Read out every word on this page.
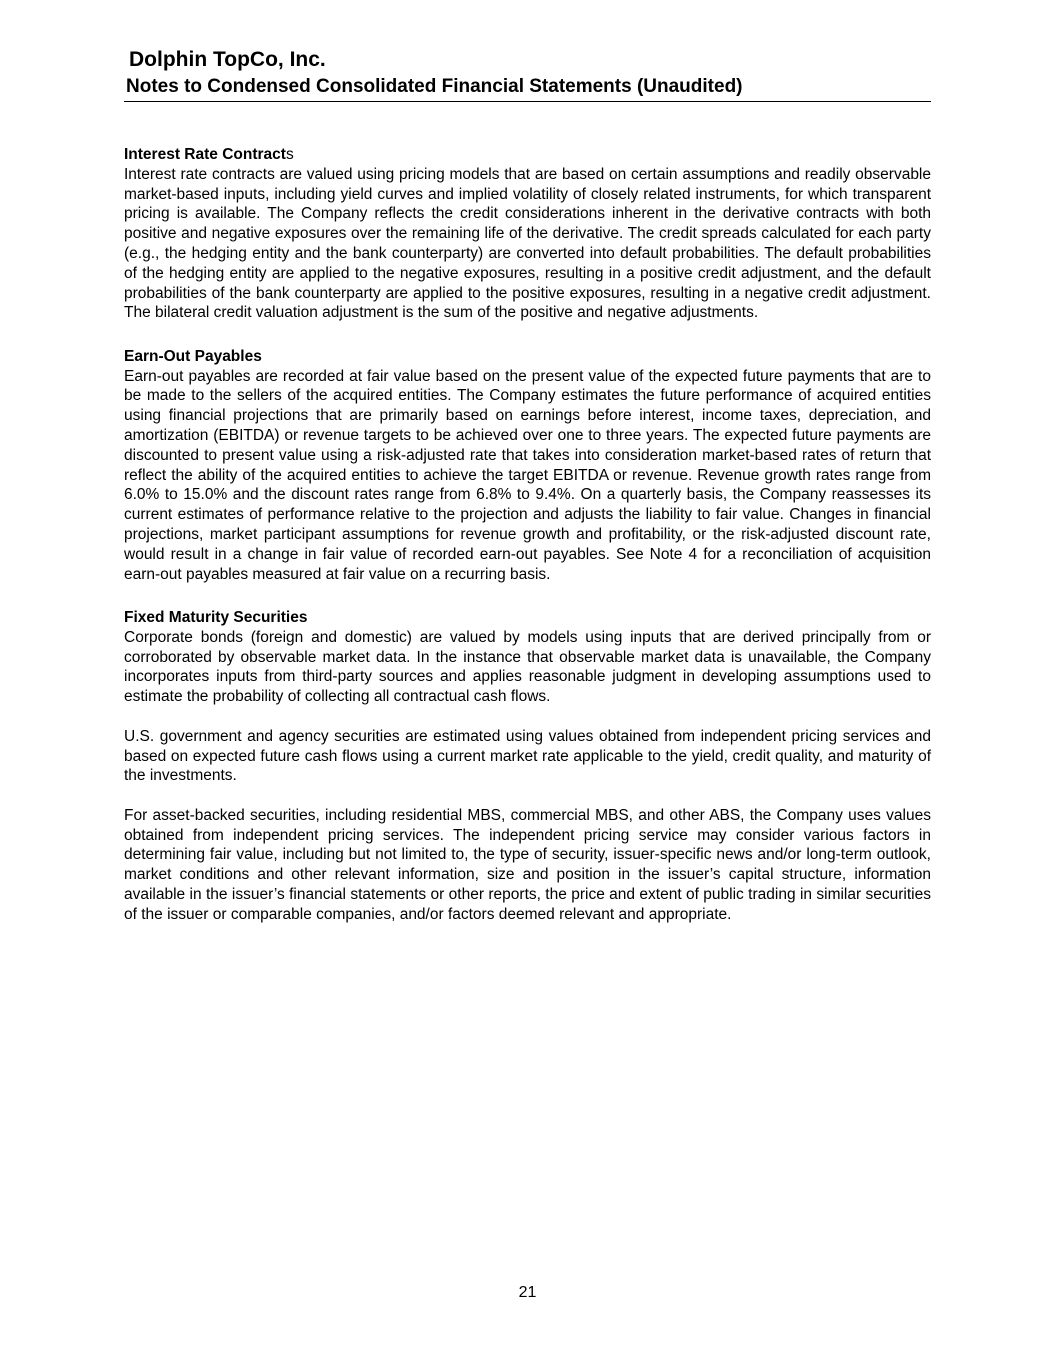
Dolphin TopCo, Inc.
Notes to Condensed Consolidated Financial Statements (Unaudited)

Interest Rate Contracts

Interest rate contracts are valued using pricing models that are based on certain assumptions and readily observable market-based inputs, including yield curves and implied volatility of closely related instruments, for which transparent pricing is available. The Company reflects the credit considerations inherent in the derivative contracts with both positive and negative exposures over the remaining life of the derivative. The credit spreads calculated for each party (e.g., the hedging entity and the bank counterparty) are converted into default probabilities. The default probabilities of the hedging entity are applied to the negative exposures, resulting in a positive credit adjustment, and the default probabilities of the bank counterparty are applied to the positive exposures, resulting in a negative credit adjustment. The bilateral credit valuation adjustment is the sum of the positive and negative adjustments.

Earn-Out Payables

Earn-out payables are recorded at fair value based on the present value of the expected future payments that are to be made to the sellers of the acquired entities. The Company estimates the future performance of acquired entities using financial projections that are primarily based on earnings before interest, income taxes, depreciation, and amortization (EBITDA) or revenue targets to be achieved over one to three years. The expected future payments are discounted to present value using a risk-adjusted rate that takes into consideration market-based rates of return that reflect the ability of the acquired entities to achieve the target EBITDA or revenue. Revenue growth rates range from 6.0% to 15.0% and the discount rates range from 6.8% to 9.4%. On a quarterly basis, the Company reassesses its current estimates of performance relative to the projection and adjusts the liability to fair value. Changes in financial projections, market participant assumptions for revenue growth and profitability, or the risk-adjusted discount rate, would result in a change in fair value of recorded earn-out payables. See Note 4 for a reconciliation of acquisition earn-out payables measured at fair value on a recurring basis.

Fixed Maturity Securities

Corporate bonds (foreign and domestic) are valued by models using inputs that are derived principally from or corroborated by observable market data. In the instance that observable market data is unavailable, the Company incorporates inputs from third-party sources and applies reasonable judgment in developing assumptions used to estimate the probability of collecting all contractual cash flows.

U.S. government and agency securities are estimated using values obtained from independent pricing services and based on expected future cash flows using a current market rate applicable to the yield, credit quality, and maturity of the investments.

For asset-backed securities, including residential MBS, commercial MBS, and other ABS, the Company uses values obtained from independent pricing services. The independent pricing service may consider various factors in determining fair value, including but not limited to, the type of security, issuer-specific news and/or long-term outlook, market conditions and other relevant information, size and position in the issuer’s capital structure, information available in the issuer’s financial statements or other reports, the price and extent of public trading in similar securities of the issuer or comparable companies, and/or factors deemed relevant and appropriate.

21
